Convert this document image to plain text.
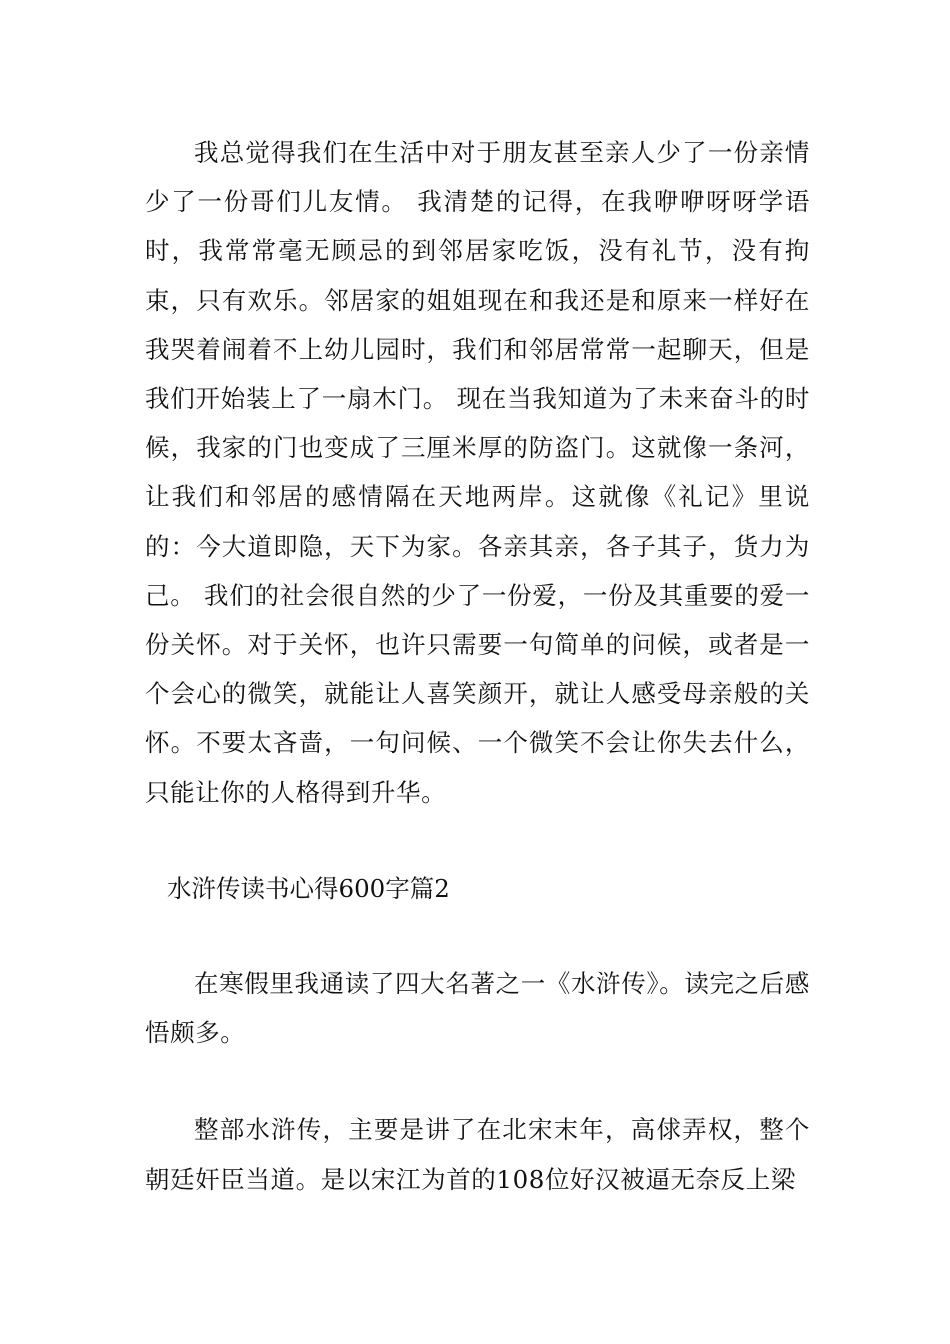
我总觉得我们在生活中对于朋友甚至亲人少了一份亲情少了一份哥们儿友情。 我清楚的记得，在我咿咿呀呀学语时，我常常毫无顾忌的到邻居家吃饭，没有礼节，没有拘束，只有欢乐。邻居家的姐姐现在和我还是和原来一样好在我哭着闹着不上幼儿园时，我们和邻居常常一起聊天，但是我们开始装上了一扇木门。 现在当我知道为了未来奋斗的时候，我家的门也变成了三厘米厚的防盗门。这就像一条河，让我们和邻居的感情隔在天地两岸。这就像《礼记》里说的：今大道即隐，天下为家。各亲其亲，各子其子，货力为己。 我们的社会很自然的少了一份爱，一份及其重要的爱一份关怀。对于关怀，也许只需要一句简单的问候，或者是一个会心的微笑，就能让人喜笑颜开，就让人感受母亲般的关怀。不要太吝啬，一句问候、一个微笑不会让你失去什么，只能让你的人格得到升华。

水浒传读书心得600字篇2

在寒假里我通读了四大名著之一《水浒传》。读完之后感悟颇多。

整部水浒传，主要是讲了在北宋末年，高俅弄权，整个朝廷奸臣当道。是以宋江为首的108位好汉被逼无奈反上梁
